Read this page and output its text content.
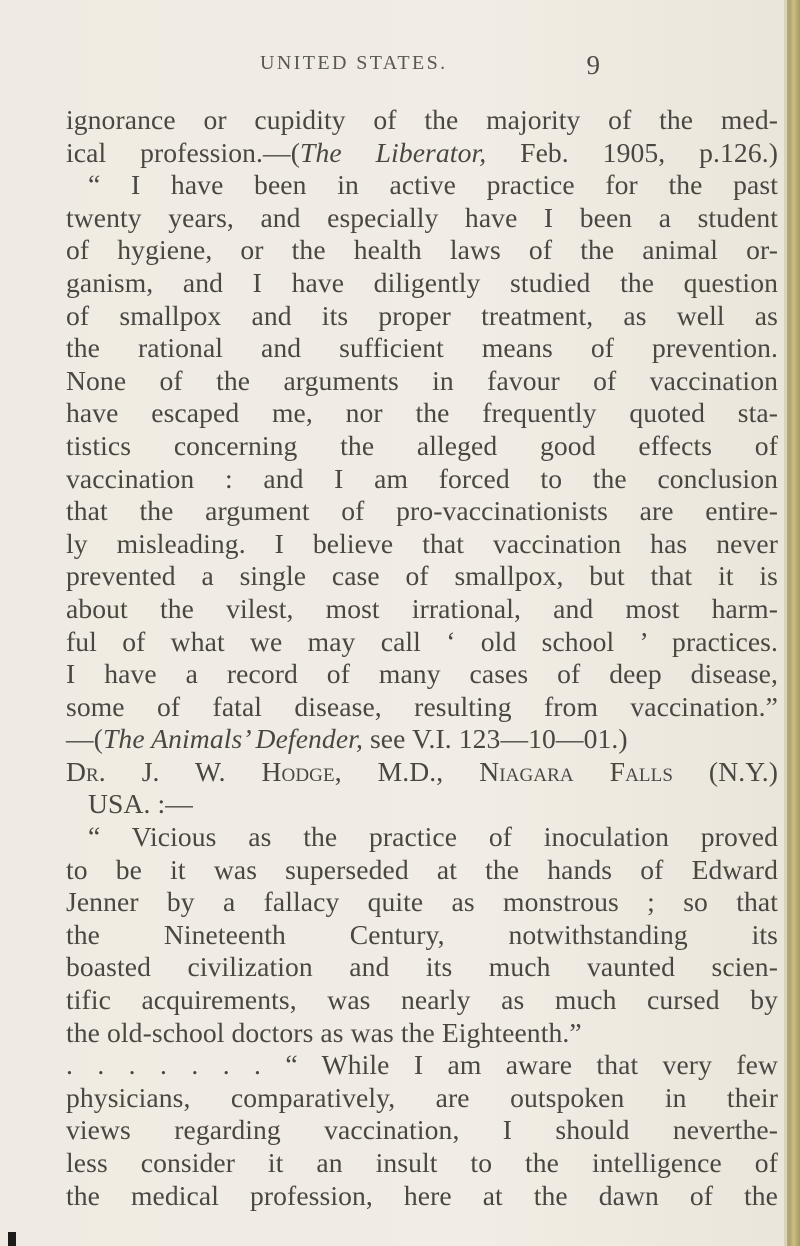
UNITED STATES.	9
ignorance or cupidity of the majority of the med-
ical profession.—(The Liberator, Feb. 1905, p.126.)
“ I have been in active practice for the past
twenty years, and especially have I been a student
of hygiene, or the health laws of the animal or-
ganism, and I have diligently studied the question
of smallpox and its proper treatment, as well as
the rational and sufficient means of prevention.
None of the arguments in favour of vaccination
have escaped me, nor the frequently quoted sta-
tistics concerning the alleged good effects of
vaccination : and I am forced to the conclusion
that the argument of pro-vaccinationists are entire-
ly misleading. I believe that vaccination has never
prevented a single case of smallpox, but that it is
about the vilest, most irrational, and most harm-
ful of what we may call ‘ old school ’ practices.
I have a record of many cases of deep disease,
some of fatal disease, resulting from vaccination.”
—(The Animals’ Defender, see V.I. 123—10—01.)
Dr. J. W. Hodge, M.D., Niagara Falls (N.Y.)
USA. :—
“ Vicious as the practice of inoculation proved
to be it was superseded at the hands of Edward
Jenner by a fallacy quite as monstrous ; so that
the Nineteenth Century, notwithstanding its
boasted civilization and its much vaunted scien-
tific acquirements, was nearly as much cursed by
the old-school doctors as was the Eighteenth.”
. . . . . . . “ While I am aware that very few
physicians, comparatively, are outspoken in their
views regarding vaccination, I should neverthe-
less consider it an insult to the intelligence of
the medical profession, here at the dawn of the
